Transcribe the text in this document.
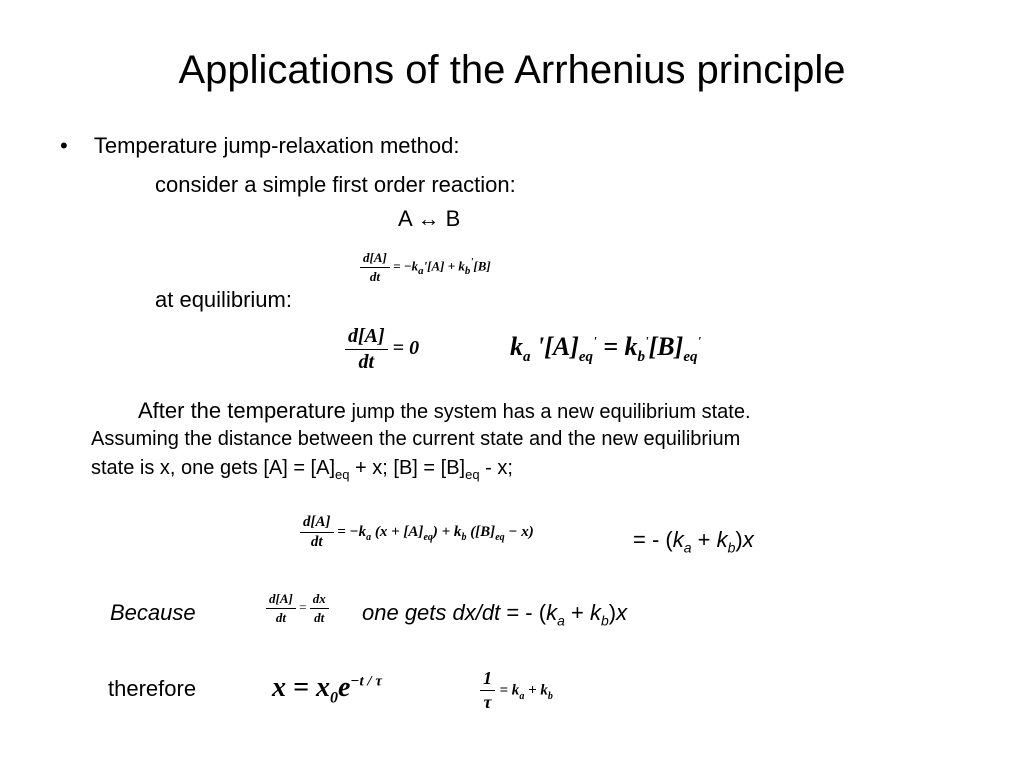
Applications of the Arrhenius principle
• Temperature jump-relaxation method:
consider a simple first order reaction:
A ↔ B
$\frac{d[A]}{dt} = -k_a'[A] + k_b'[B]$
at equilibrium:
$\frac{d[A]}{dt} = 0$	$k_a$ '$[A]_{eq}' = k_b'[B]_{eq}'$
After the temperature jump the system has a new equilibrium state.
Assuming the distance between the current state and the new equilibrium
state is x, one gets $[A] = [A]_{eq} + x$; $[B] = [B]_{eq} - x$;
$\frac{d[A]}{dt} = -k_a$ $(x + [A]_{eq}) + k_b$ $([B]_{eq} - x)$	= - $(k_a + k_b)x$
Because	$\frac{d[A]}{dt} = \frac{dx}{dt}$ one gets dx/dt = - $(k_a + k_b)x$
therefore	$x = x_0e^{-t / \tau}$	$\frac{1}{\tau} = k_a + k_b$
